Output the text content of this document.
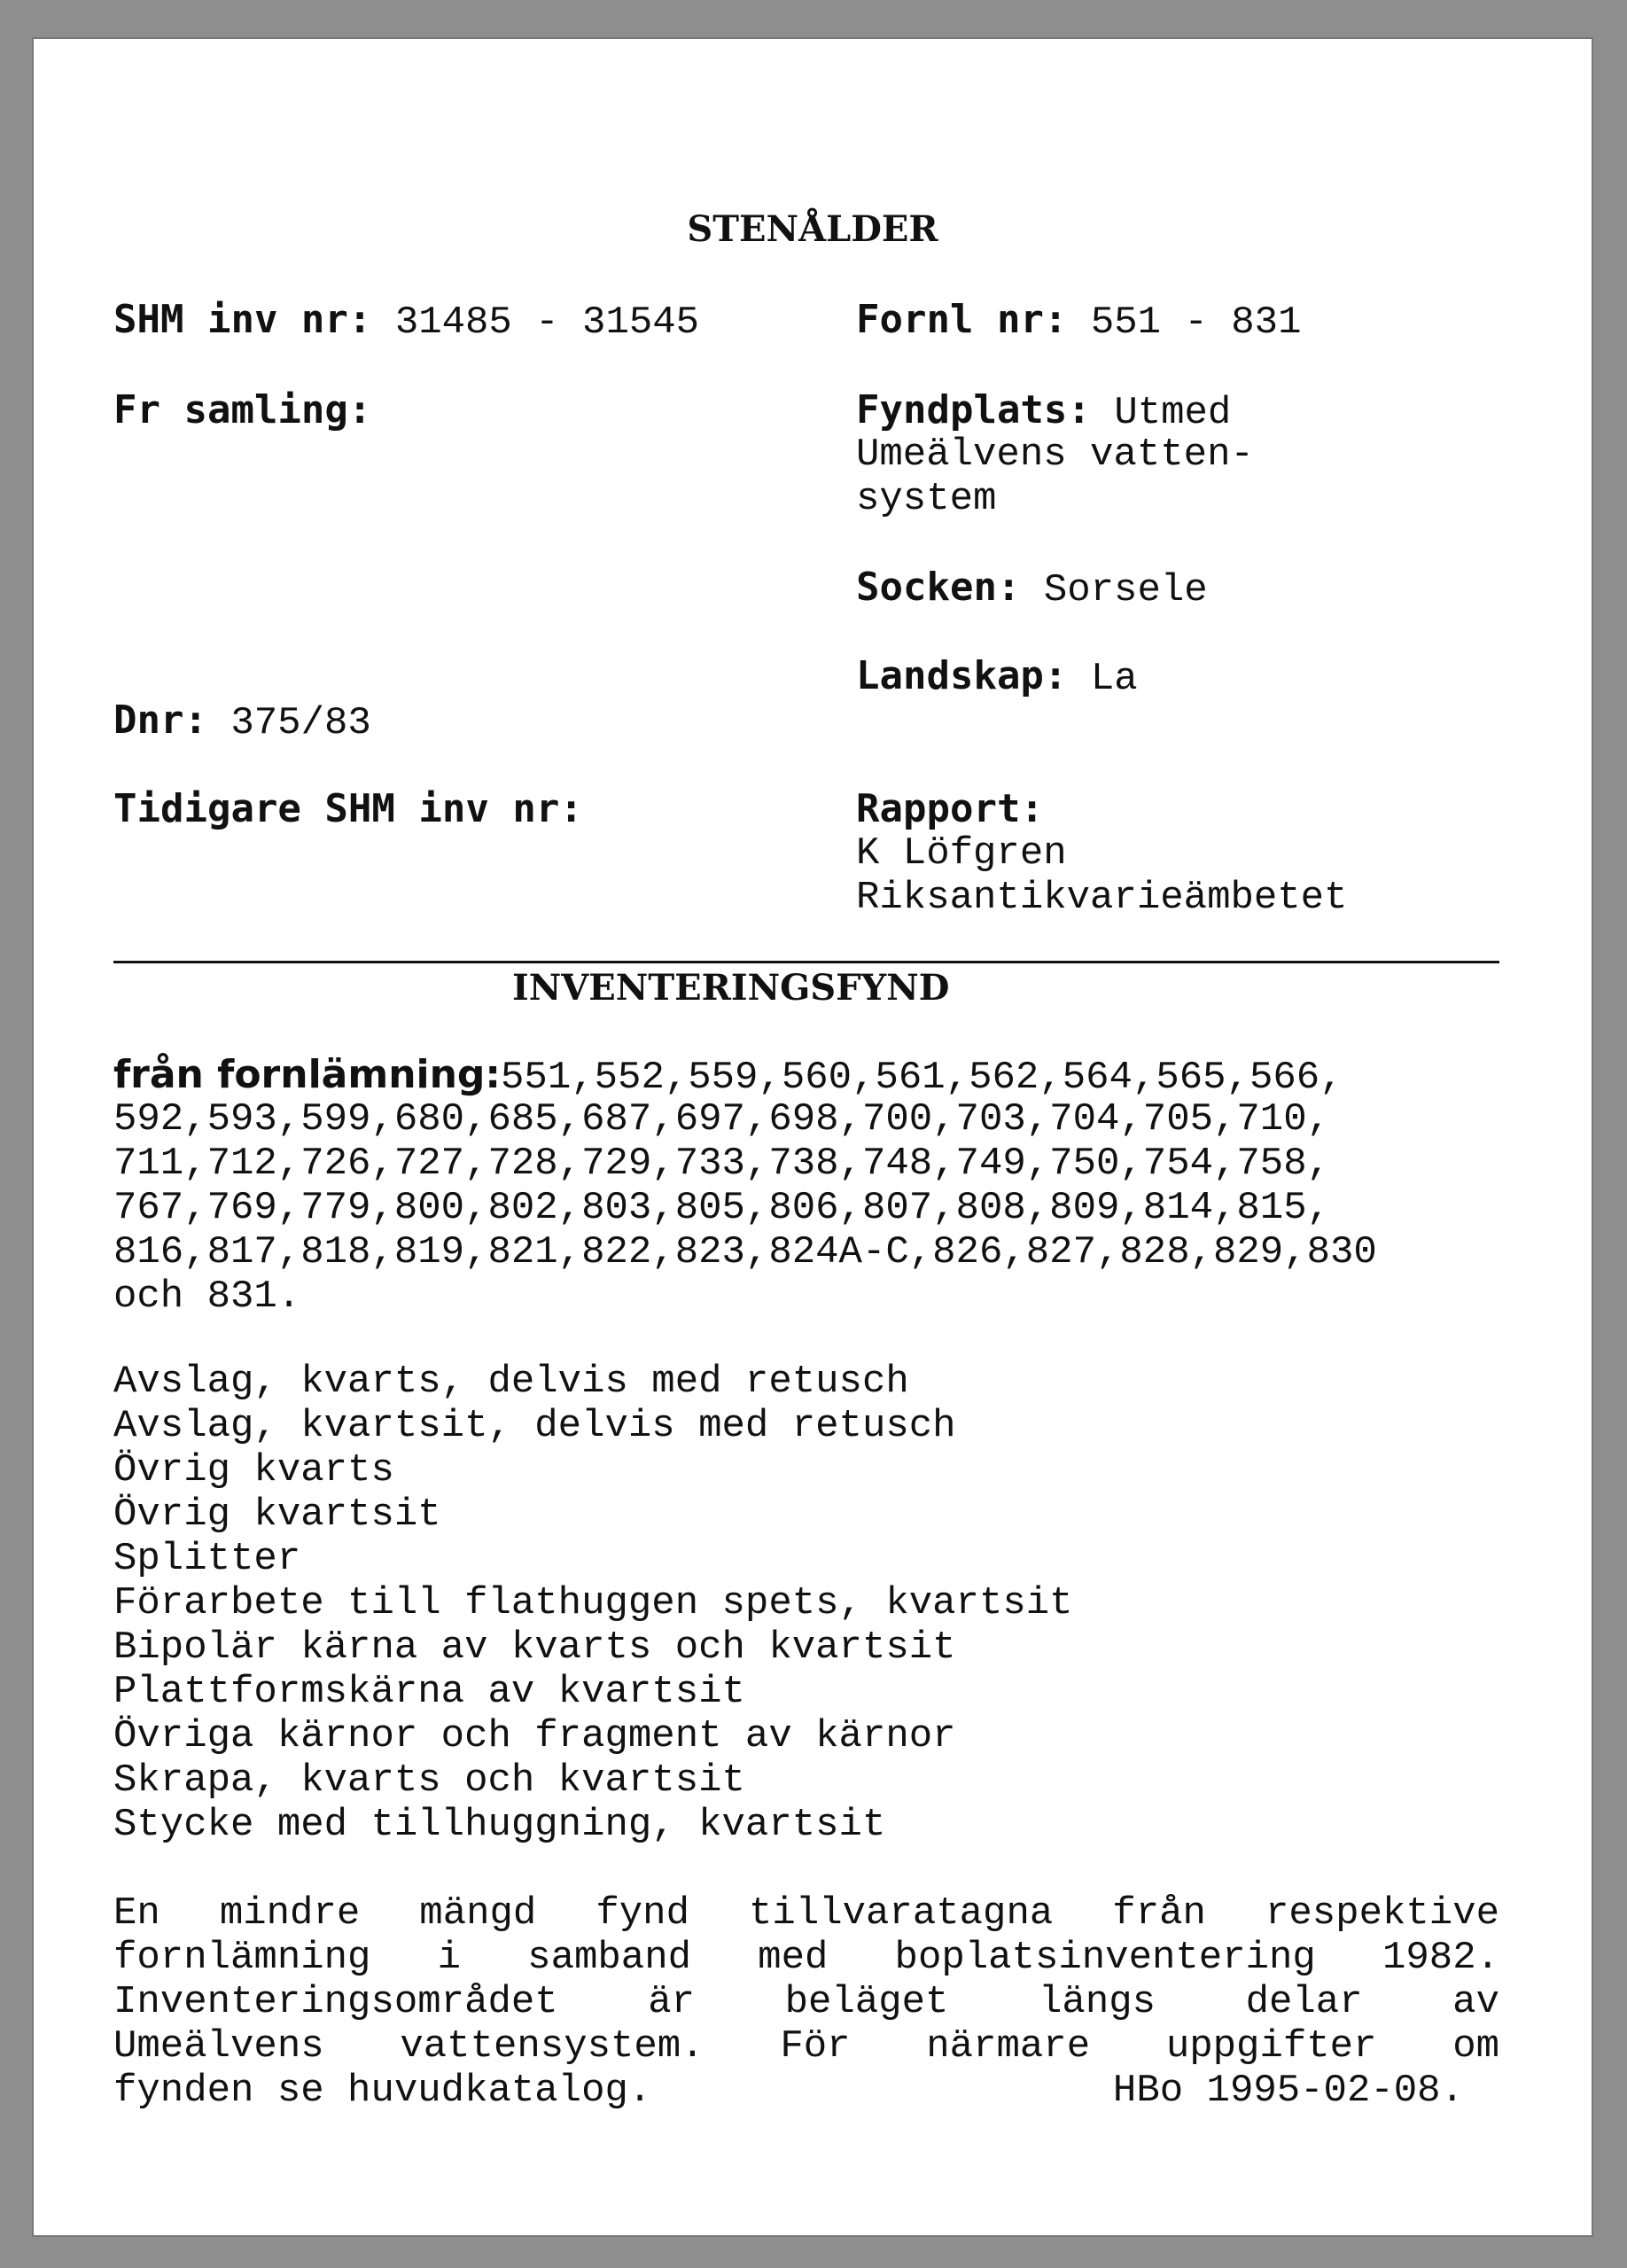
STENÅLDER
SHM inv nr: 31485 - 31545	Fornl nr: 551 - 831
Fr samling:	Fyndplats: Utmed
Umeälvens vatten-
system
Socken: Sorsele
Landskap: La
Dnr: 375/83
Tidigare SHM inv nr:	Rapport:
K Löfgren
Riksantikvarieämbetet
INVENTERINGSFYND
från fornlämning:551,552,559,560,561,562,564,565,566,
592,593,599,680,685,687,697,698,700,703,704,705,710,
711,712,726,727,728,729,733,738,748,749,750,754,758,
767,769,779,800,802,803,805,806,807,808,809,814,815,
816,817,818,819,821,822,823,824A-C,826,827,828,829,830
och 831.
Avslag, kvarts, delvis med retusch
Avslag, kvartsit, delvis med retusch
Övrig kvarts
Övrig kvartsit
Splitter
Förarbete till flathuggen spets, kvartsit
Bipolär kärna av kvarts och kvartsit
Plattformskärna av kvartsit
Övriga kärnor och fragment av kärnor
Skrapa, kvarts och kvartsit
Stycke med tillhuggning, kvartsit
En mindre mängd fynd tillvaratagna från respektive
fornlämning i samband med boplatsinventering 1982.
Inventeringsområdet är beläget längs delar av
Umeälvens vattensystem. För närmare uppgifter om
fynden se huvudkatalog.	HBo 1995-02-08.
